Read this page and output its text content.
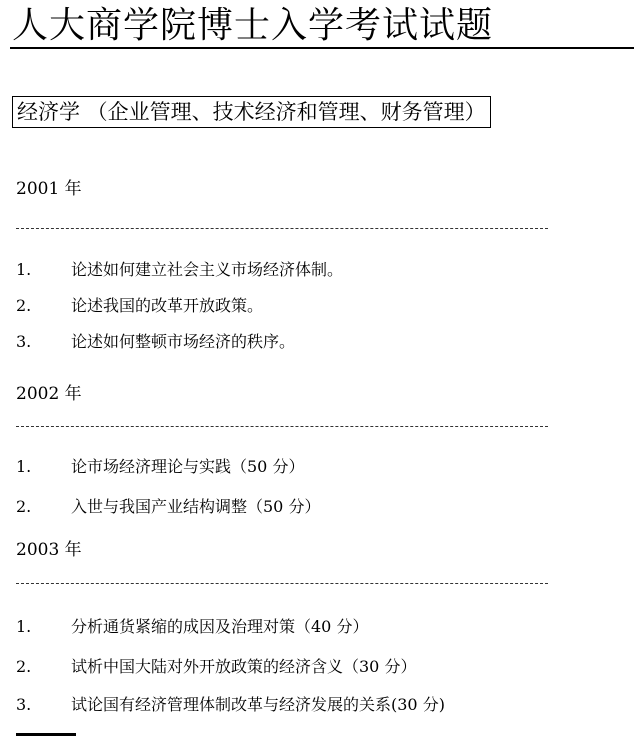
人大商学院博士入学考试试题
经济学 （企业管理、技术经济和管理、财务管理）
2001 年
1.	论述如何建立社会主义市场经济体制。
2.	论述我国的改革开放政策。
3.	论述如何整顿市场经济的秩序。
2002 年
1.	论市场经济理论与实践（50 分）
2.	入世与我国产业结构调整（50 分）
2003 年
1.	分析通货紧缩的成因及治理对策（40 分）
2.	试析中国大陆对外开放政策的经济含义（30 分）
3.	试论国有经济管理体制改革与经济发展的关系(30 分)
